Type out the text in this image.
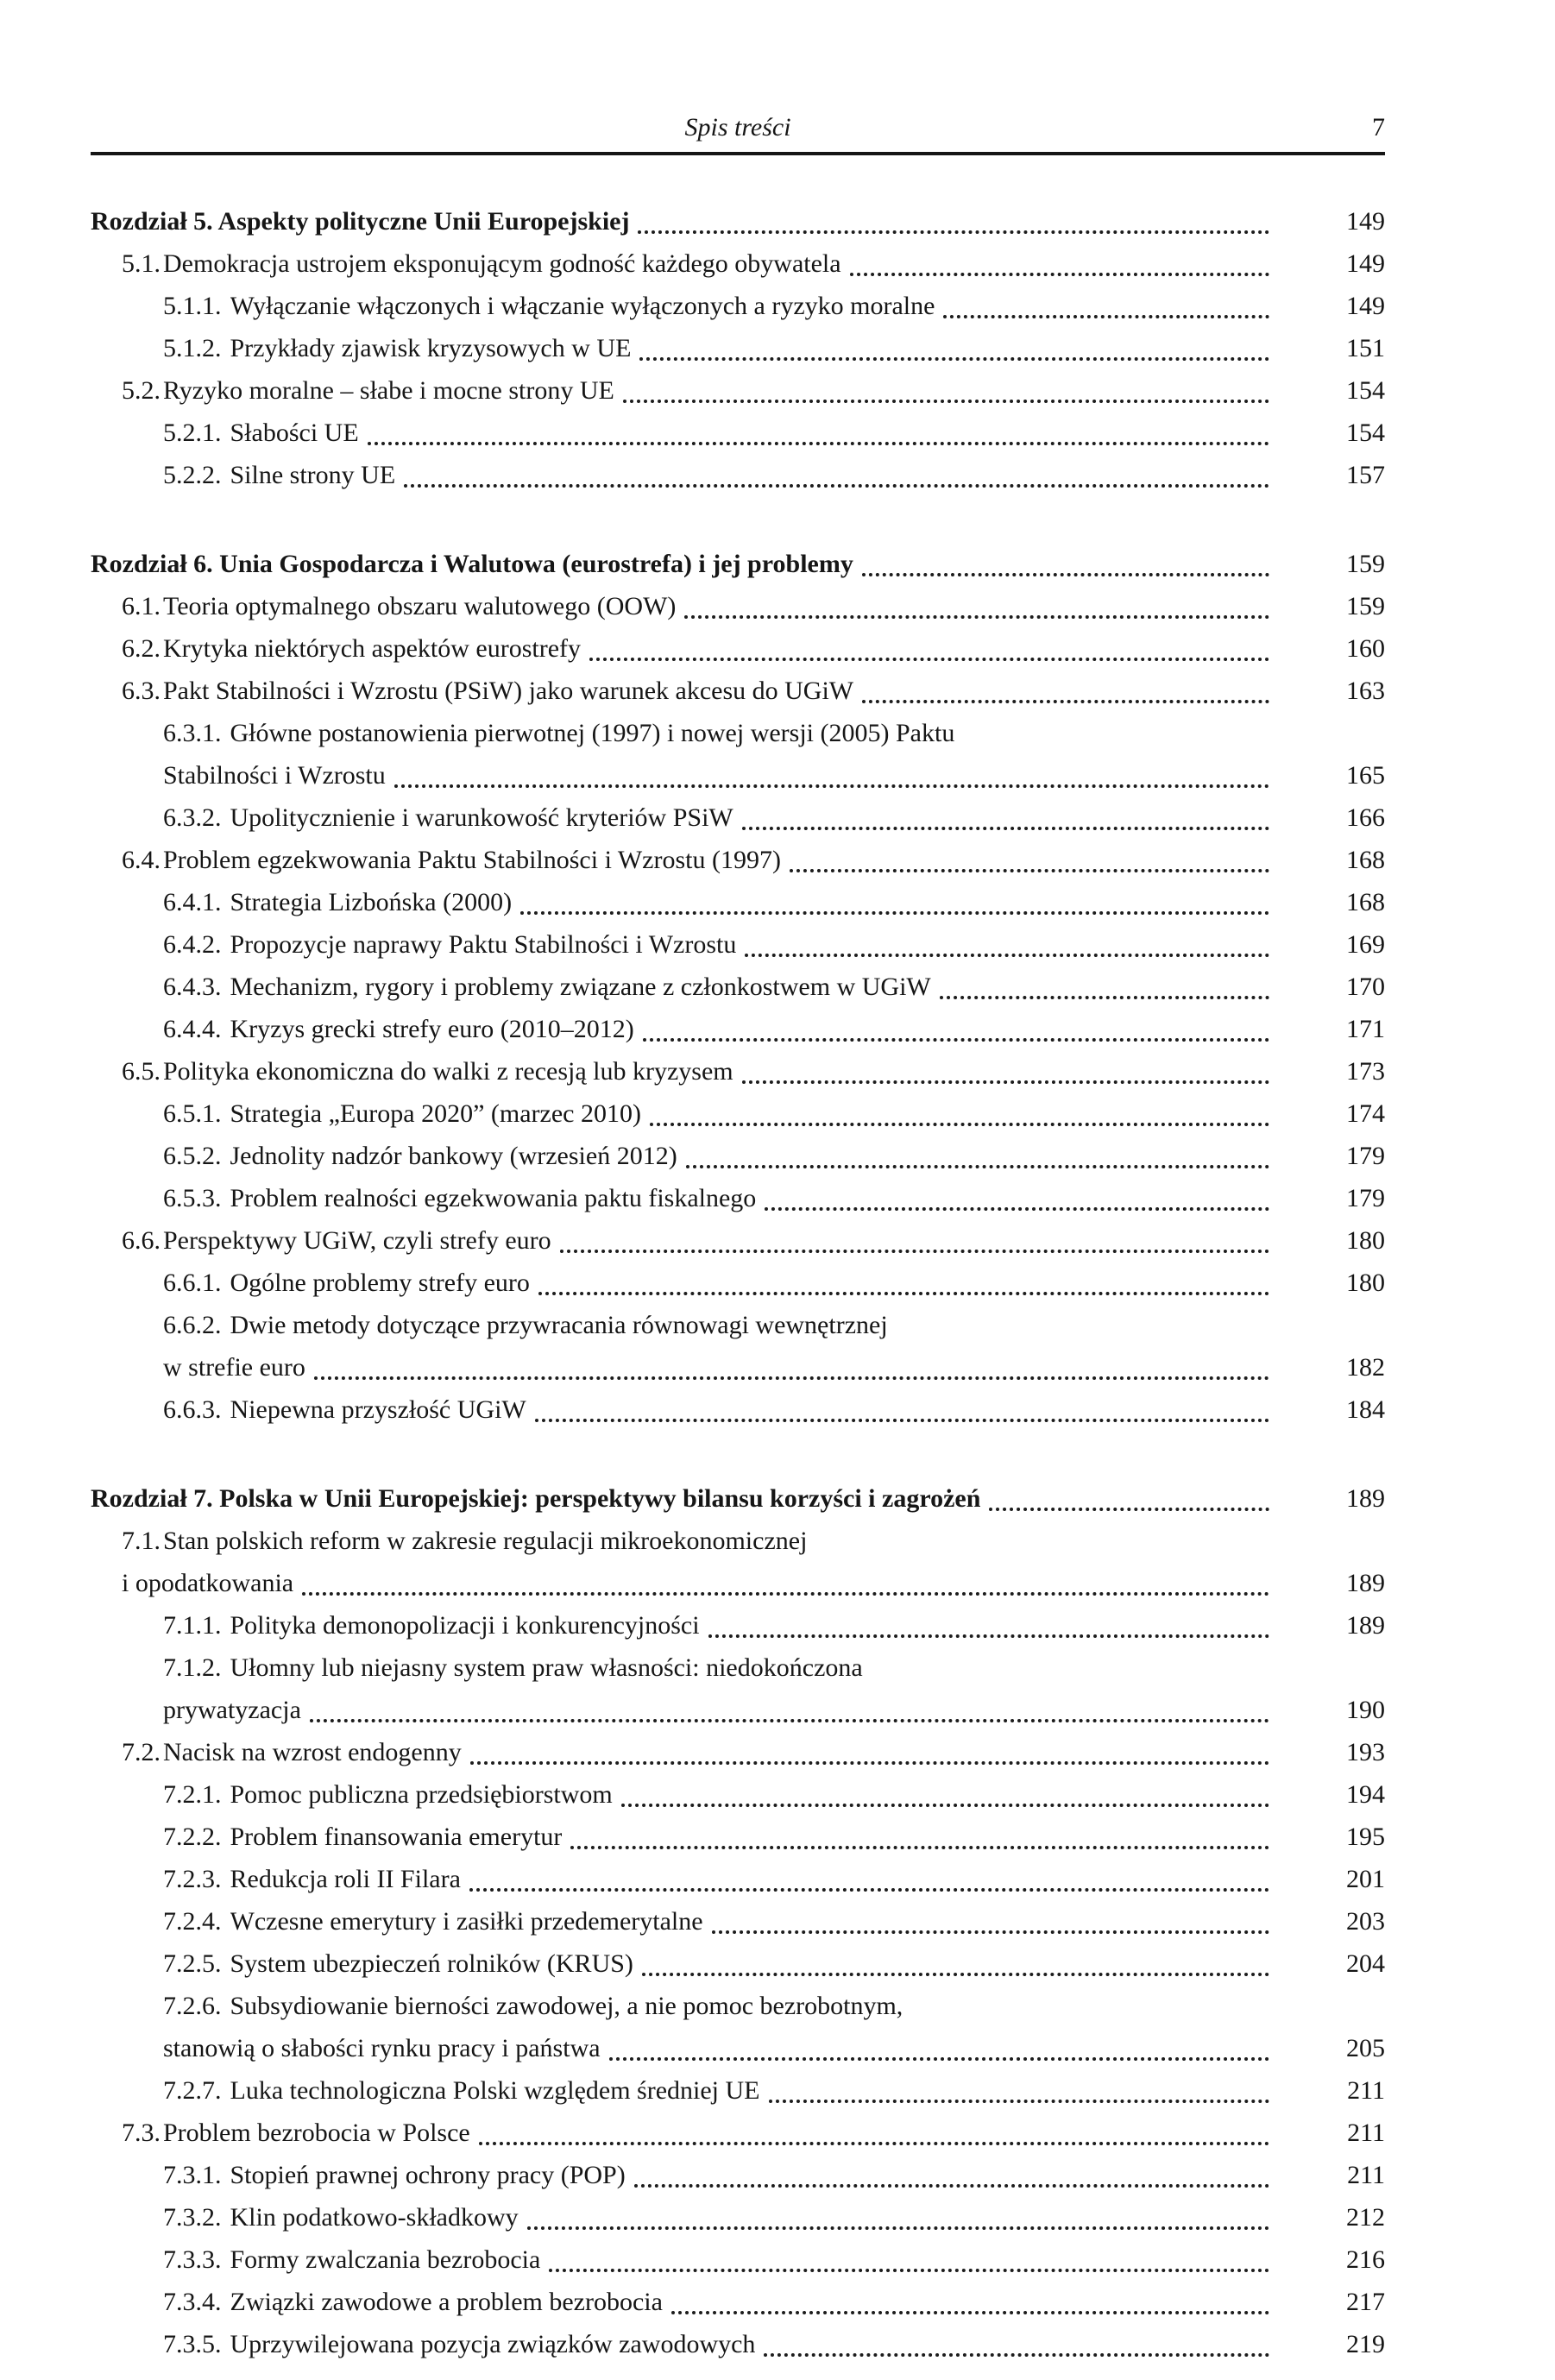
Spis treści	7
Rozdział 5. Aspekty polityczne Unii Europejskiej	149
5.1. Demokracja ustrojem eksponującym godność każdego obywatela	149
5.1.1. Wyłączanie włączonych i włączanie wyłączonych a ryzyko moralne	149
5.1.2. Przykłady zjawisk kryzysowych w UE	151
5.2. Ryzyko moralne – słabe i mocne strony UE	154
5.2.1. Słabości UE	154
5.2.2. Silne strony UE	157
Rozdział 6. Unia Gospodarcza i Walutowa (eurostrefa) i jej problemy	159
6.1. Teoria optymalnego obszaru walutowego (OOW)	159
6.2. Krytyka niektórych aspektów eurostrefy	160
6.3. Pakt Stabilności i Wzrostu (PSiW) jako warunek akcesu do UGiW	163
6.3.1. Główne postanowienia pierwotnej (1997) i nowej wersji (2005) Paktu
Stabilności i Wzrostu	165
6.3.2. Upolitycznienie i warunkowość kryteriów PSiW	166
6.4. Problem egzekwowania Paktu Stabilności i Wzrostu (1997)	168
6.4.1. Strategia Lizbońska (2000)	168
6.4.2. Propozycje naprawy Paktu Stabilności i Wzrostu	169
6.4.3. Mechanizm, rygory i problemy związane z członkostwem w UGiW	170
6.4.4. Kryzys grecki strefy euro (2010–2012)	171
6.5. Polityka ekonomiczna do walki z recesją lub kryzysem	173
6.5.1. Strategia „Europa 2020” (marzec 2010)	174
6.5.2. Jednolity nadzór bankowy (wrzesień 2012)	179
6.5.3. Problem realności egzekwowania paktu fiskalnego	179
6.6. Perspektywy UGiW, czyli strefy euro	180
6.6.1. Ogólne problemy strefy euro	180
6.6.2. Dwie metody dotyczące przywracania równowagi wewnętrznej
w strefie euro	182
6.6.3. Niepewna przyszłość UGiW	184
Rozdział 7. Polska w Unii Europejskiej: perspektywy bilansu korzyści i zagrożeń	189
7.1. Stan polskich reform w zakresie regulacji mikroekonomicznej
i opodatkowania	189
7.1.1. Polityka demonopolizacji i konkurencyjności	189
7.1.2. Ułomny lub niejasny system praw własności: niedokończona
prywatyzacja	190
7.2. Nacisk na wzrost endogenny	193
7.2.1. Pomoc publiczna przedsiębiorstwom	194
7.2.2. Problem finansowania emerytur	195
7.2.3. Redukcja roli II Filara	201
7.2.4. Wczesne emerytury i zasiłki przedemerytalne	203
7.2.5. System ubezpieczeń rolników (KRUS)	204
7.2.6. Subsydiowanie bierności zawodowej, a nie pomoc bezrobotnym,
stanowią o słabości rynku pracy i państwa	205
7.2.7. Luka technologiczna Polski względem średniej UE	211
7.3. Problem bezrobocia w Polsce	211
7.3.1. Stopień prawnej ochrony pracy (POP)	211
7.3.2. Klin podatkowo-składkowy	212
7.3.3. Formy zwalczania bezrobocia	216
7.3.4. Związki zawodowe a problem bezrobocia	217
7.3.5. Uprzywilejowana pozycja związków zawodowych	219
